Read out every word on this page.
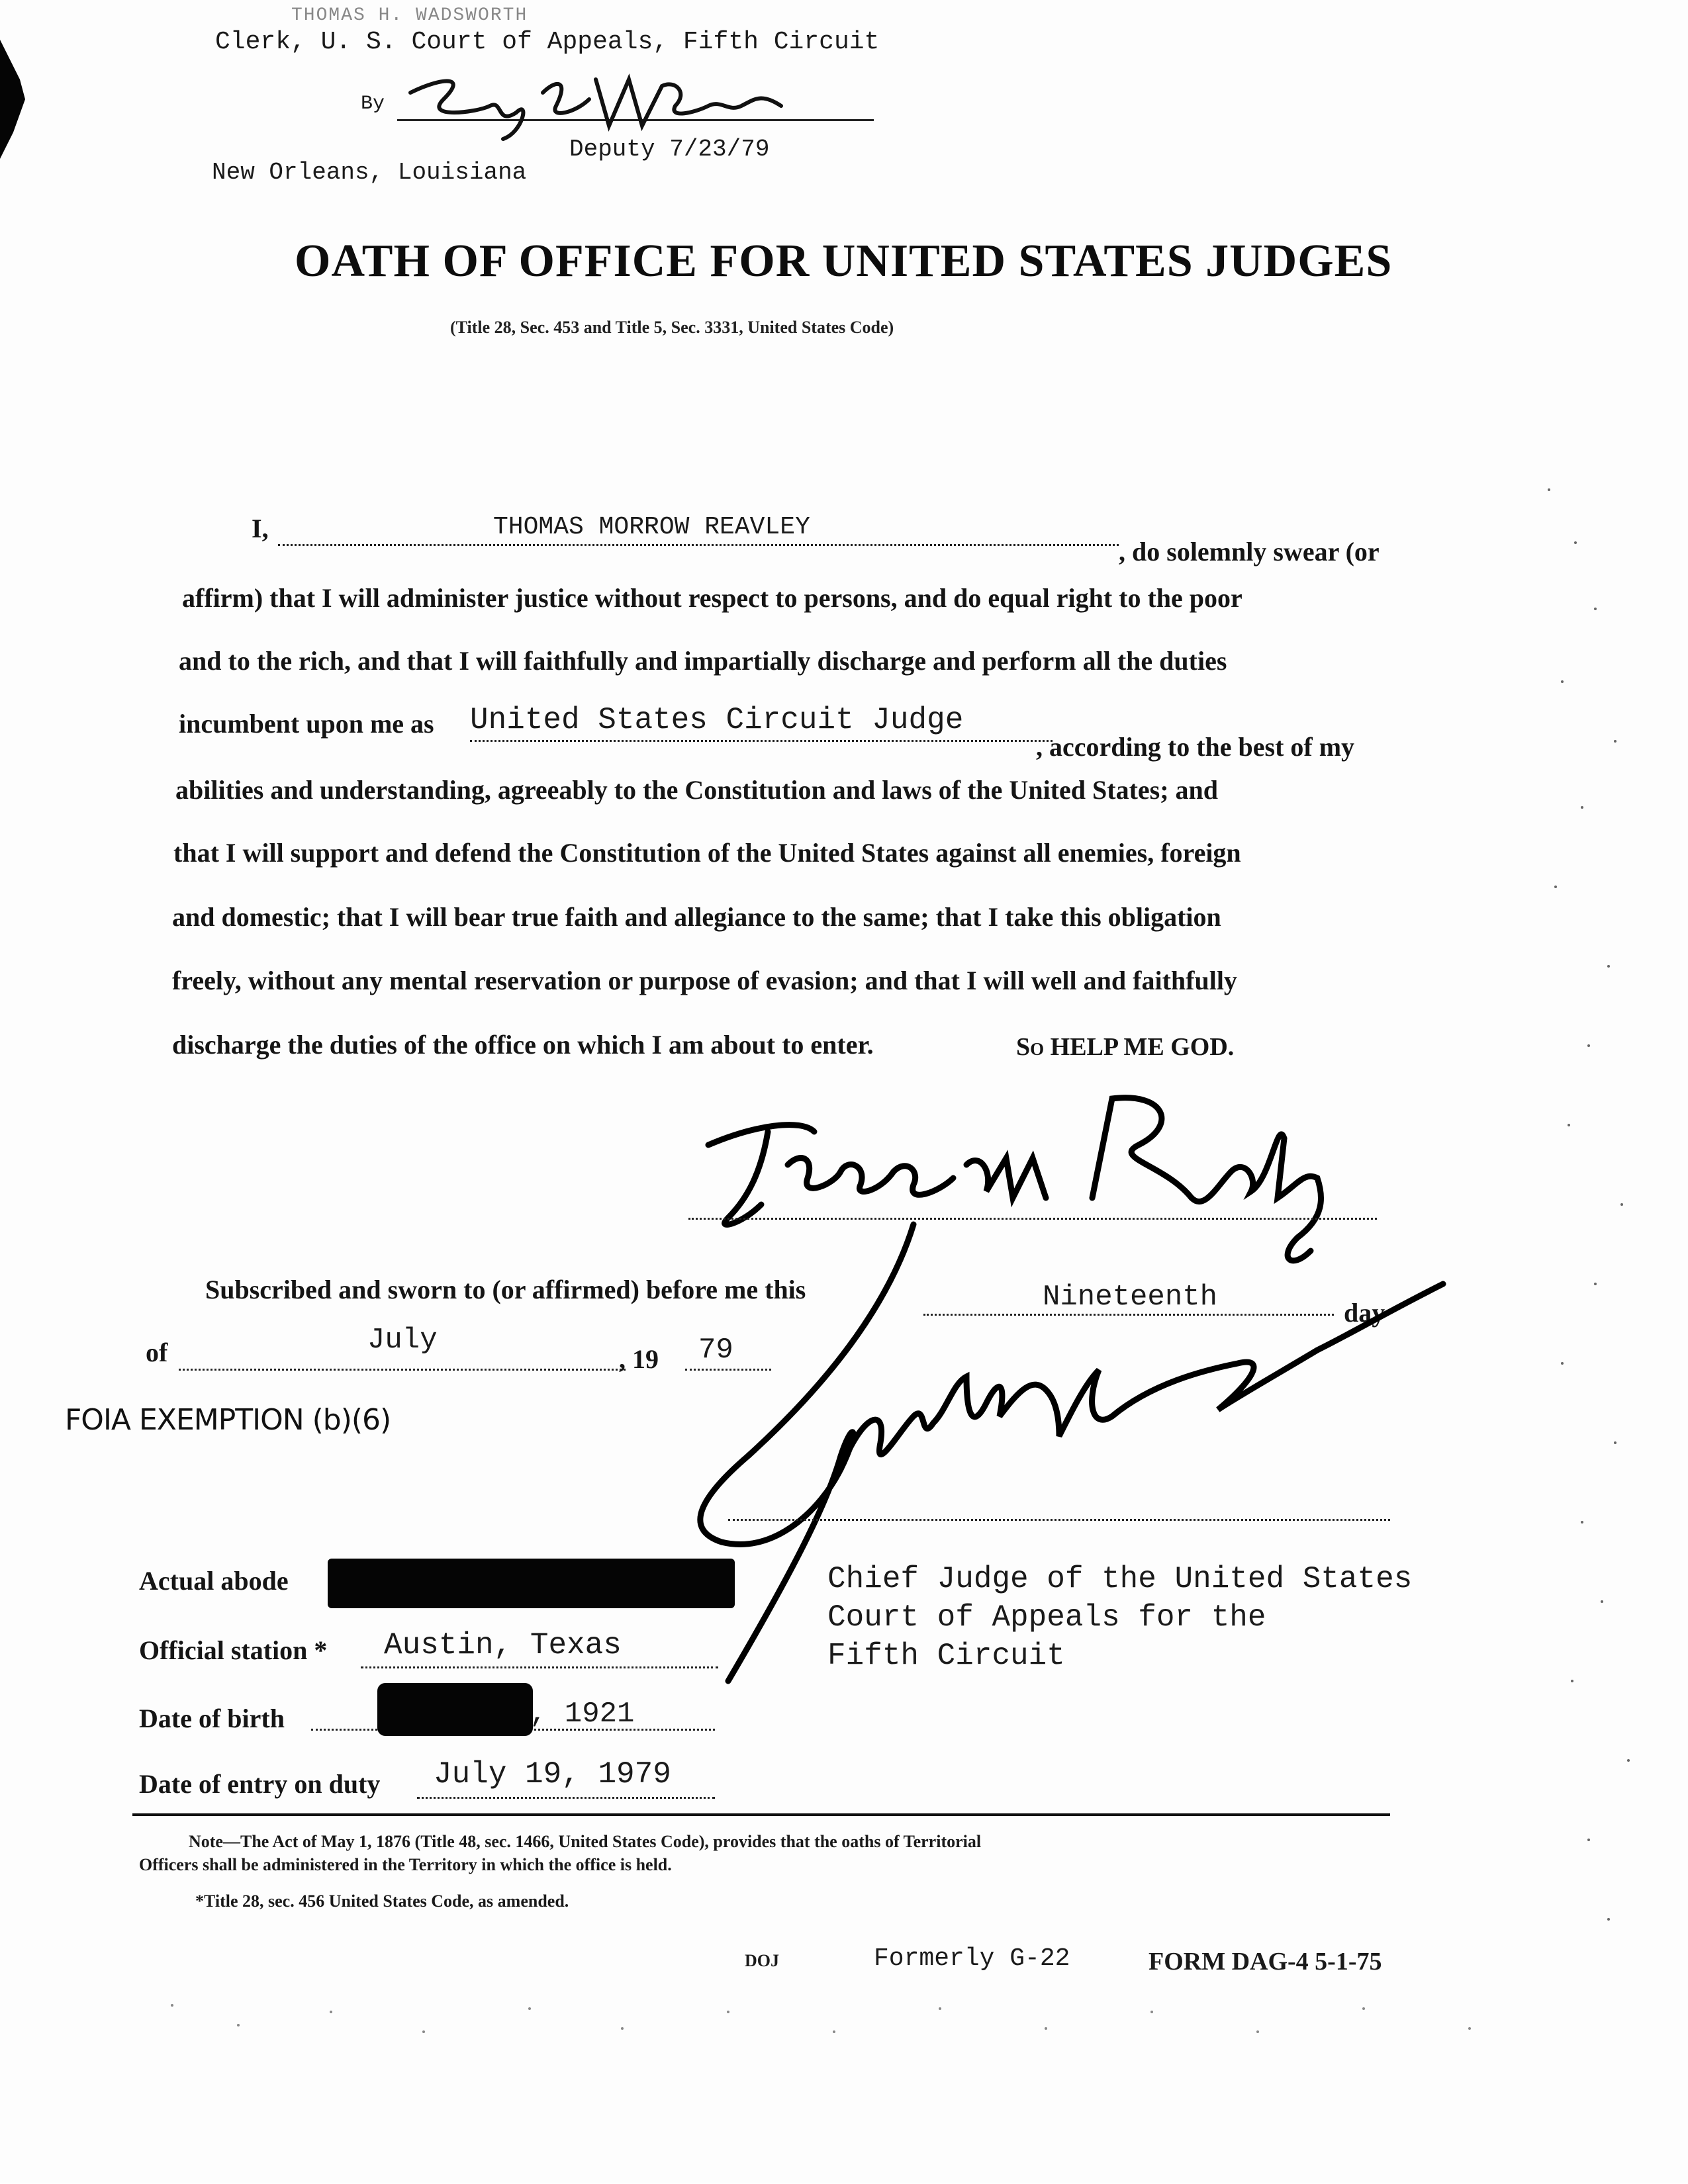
THOMAS H. WADSWORTH
Clerk, U. S. Court of Appeals, Fifth Circuit
By
Deputy 7/23/79
New Orleans, Louisiana
OATH OF OFFICE FOR UNITED STATES JUDGES
(Title 28, Sec. 453 and Title 5, Sec. 3331, United States Code)
I,	THOMAS MORROW REAVLEY
, do solemnly swear (or
affirm) that I will administer justice without respect to persons, and do equal right to the poor
and to the rich, and that I will faithfully and impartially discharge and perform all the duties
incumbent upon me as United States Circuit Judge
, according to the best of my
abilities and understanding, agreeably to the Constitution and laws of the United States; and
that I will support and defend the Constitution of the United States against all enemies, foreign
and domestic; that I will bear true faith and allegiance to the same; that I take this obligation
freely, without any mental reservation or purpose of evasion; and that I will well and faithfully
discharge the duties of the office on which I am about to enter.	So HELP ME GOD.
Subscribed and sworn to (or affirmed) before me this	Nineteenth	day
of	July
, 19 79
FOIA EXEMPTION (b)(6)
Chief Judge of the United States
Court of Appeals for the
Fifth Circuit
Actual abode
Official station * Austin, Texas
Date of birth	, 1921
Date of entry on duty July 19, 1979
Note—The Act of May 1, 1876 (Title 48, sec. 1466, United States Code), provides that the oaths of Territorial
Officers shall be administered in the Territory in which the office is held.
*Title 28, sec. 456 United States Code, as amended.
DOJ	Formerly G-22	FORM DAG-4 5-1-75
